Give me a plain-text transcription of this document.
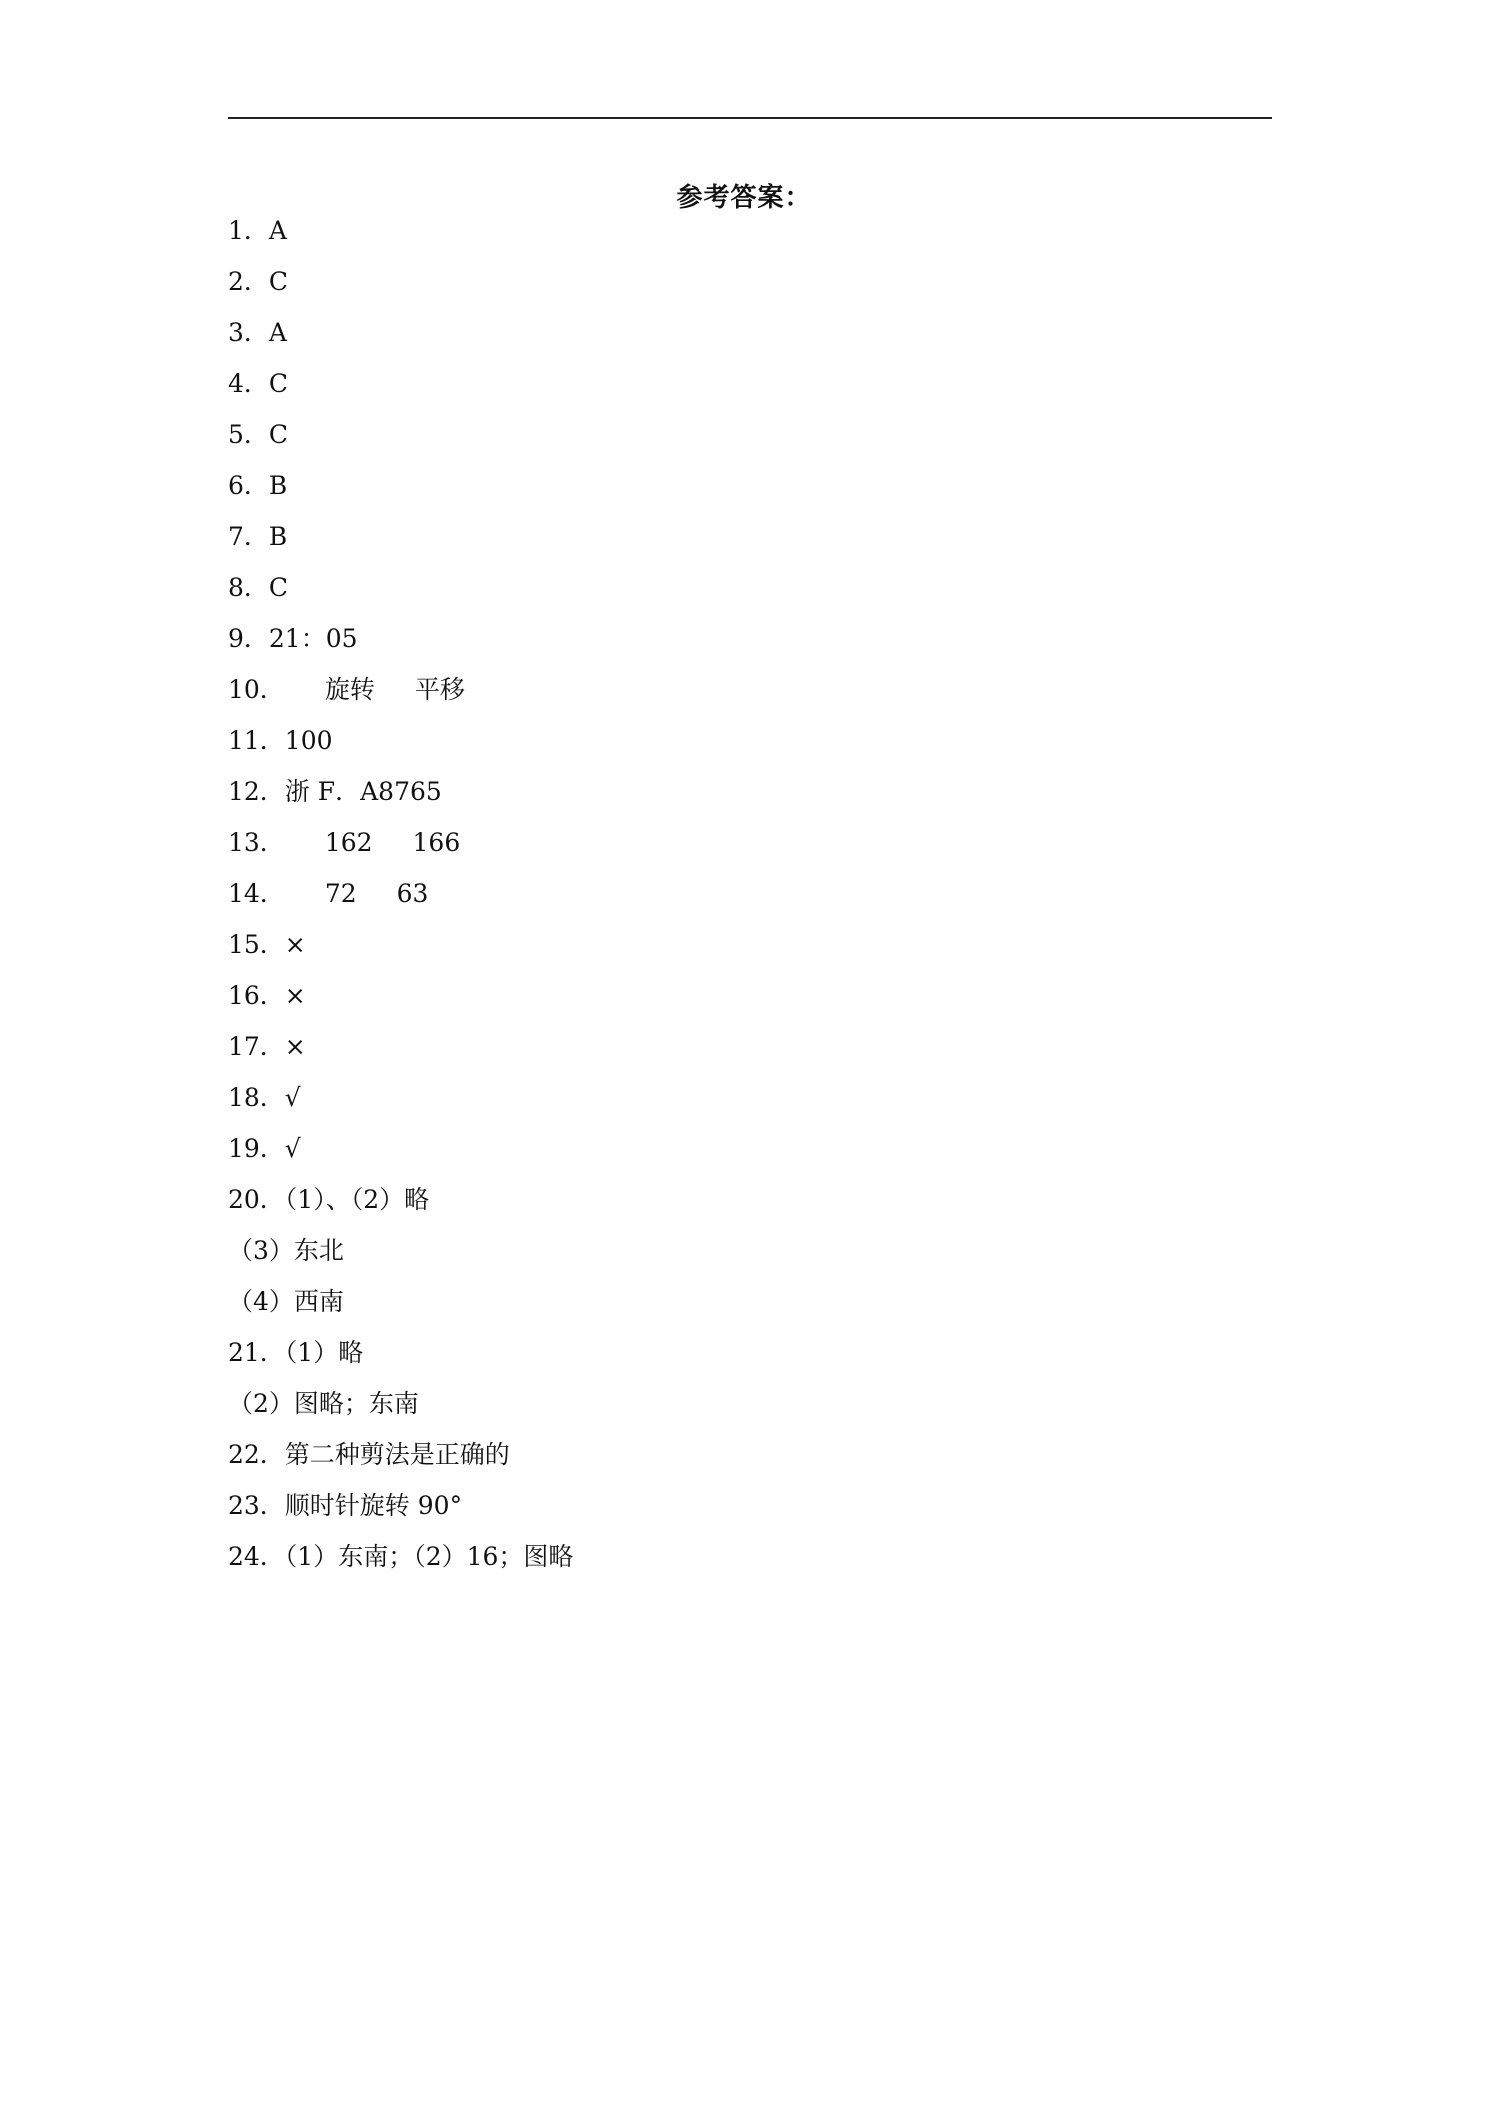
参考答案：
1．A
2．C
3．A
4．C
5．C
6．B
7．B
8．C
9．21：05
10． 旋转 平移
11．100
12．浙 F．A8765
13． 162 166
14． 72 63
15．×
16．×
17．×
18．√
19．√
20．（1）、（2）略
（3）东北
（4）西南
21．（1）略
（2）图略；东南
22．第二种剪法是正确的
23．顺时针旋转 90°
24．（1）东南；（2）16；图略
